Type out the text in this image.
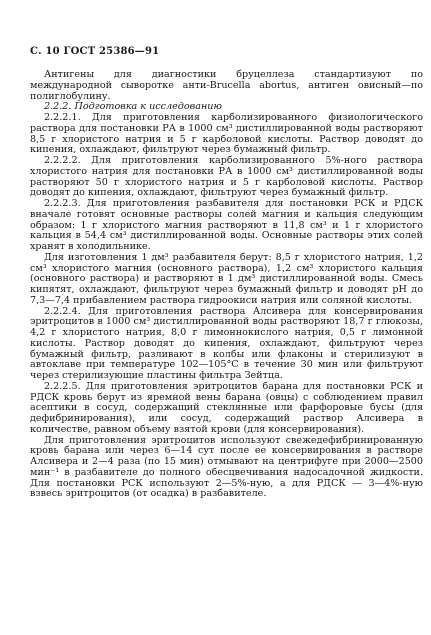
С. 10 ГОСТ 25386—91

Антигены для диагностики бруцеллеза стандартизуют по международной сыворотке анти-Brucella abortus, антиген овисный—по полиглобулину.

2.2.2. Подготовка к исследованию

2.2.2.1. Для приготовления карболизированного физиологического раствора для постановки РА в 1000 см³ дистиллированной воды растворяют 8,5 г хлористого натрия и 5 г карболовой кислоты. Раствор доводят до кипения, охлаждают, фильтруют через бумажный фильтр.

2.2.2.2. Для приготовления карболизированного 5%-ного раствора хлористого натрия для постановки РА в 1000 см³ дистиллированной воды растворяют 50 г хлористого натрия и 5 г карболовой кислоты. Раствор доводят до кипения, охлаждают, фильтруют через бумажный фильтр.

2.2.2.3. Для приготовления разбавителя для постановки РСК и РДСК вначале готовят основные растворы солей магния и кальция следующим образом: 1 г хлористого магния растворяют в 11,8 см³ и 1 г хлористого кальция в 54,4 см³ дистиллированной воды. Основные растворы этих солей хранят в холодильнике.

Для изготовления 1 дм³ разбавителя берут: 8,5 г хлористого натрия, 1,2 см³ хлористого магния (основного раствора), 1,2 см³ хлористого кальция (основного раствора) и растворяют в 1 дм³ дистиллированной воды. Смесь кипятят, охлаждают, фильтруют через бумажный фильтр и доводят рН до 7,3—7,4 прибавлением раствора гидроокиси натрия или соляной кислоты.

2.2.2.4. Для приготовления раствора Алсивера для консервирования эритроцитов в 1000 см³ дистиллированной воды растворяют 18,7 г глюкозы, 4,2 г хлористого натрия, 8,0 г лимоннокислого натрия, 0,5 г лимонной кислоты. Раствор доводят до кипения, охлаждают, фильтруют через бумажный фильтр, разливают в колбы или флаконы и стерилизуют в автоклаве при температуре 102—105°С в течение 30 мин или фильтруют через стерилизующие пластины фильтра Зейтца.

2.2.2.5. Для приготовления эритроцитов барана для постановки РСК и РДСК кровь берут из яремной вены барана (овцы) с соблюдением правил асептики в сосуд, содержащий стеклянные или фарфоровые бусы (для дефибринирования), или сосуд, содержащий раствор Алсивера в количестве, равном объему взятой крови (для консервирования).

Для приготовления эритроцитов используют свежедефибринированную кровь барана или через 6—14 сут после ее консервирования в растворе Алсивера и 2—4 раза (по 15 мин) отмывают на центрифуге при 2000—2500 мин⁻¹ в разбавителе до полного обесцвечивания надосадочной жидкости. Для постановки РСК используют 2—5%-ную, а для РДСК — 3—4%-ную взвесь эритроцитов (от осадка) в разбавителе.
